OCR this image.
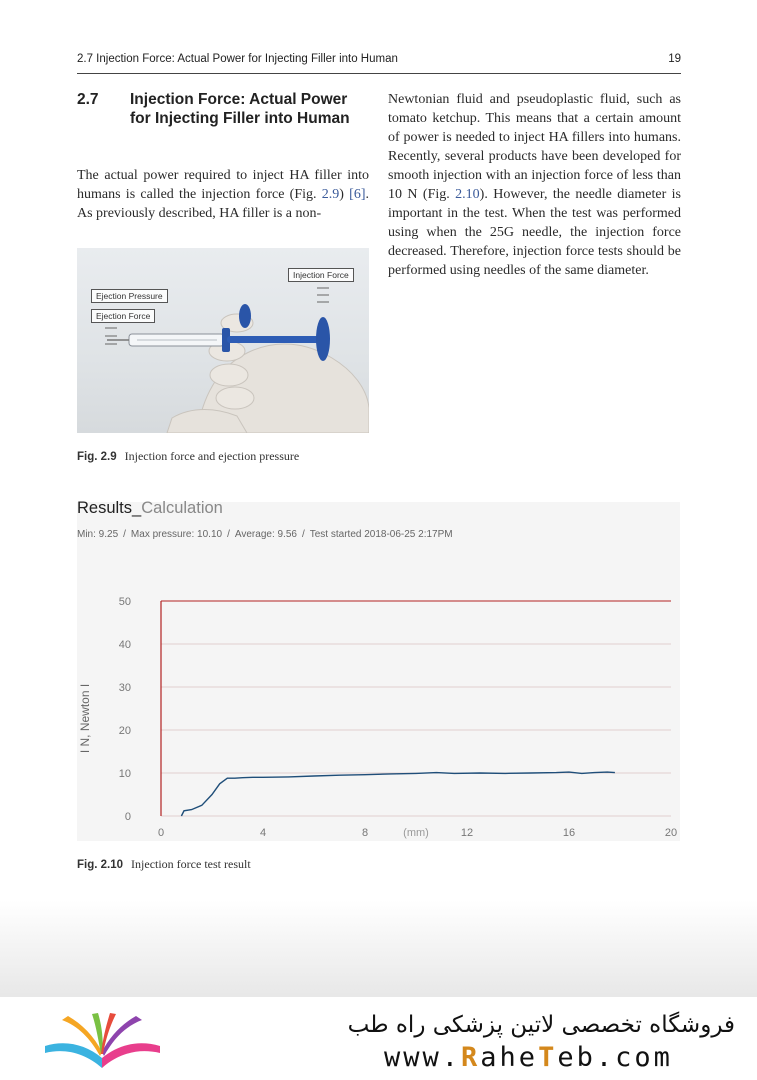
2.7 Injection Force: Actual Power for Injecting Filler into Human	19
2.7 Injection Force: Actual Power for Injecting Filler into Human
The actual power required to inject HA filler into humans is called the injection force (Fig. 2.9) [6]. As previously described, HA filler is a non-
Newtonian fluid and pseudoplastic fluid, such as tomato ketchup. This means that a certain amount of power is needed to inject HA fillers into humans. Recently, several products have been developed for smooth injection with an injection force of less than 10 N (Fig. 2.10). However, the needle diameter is important in the test. When the test was performed using when the 25G needle, the injection force decreased. Therefore, injection force tests should be performed using needles of the same diameter.
Injection Force
Ejection Pressure
Ejection Force
Fig. 2.9 Injection force and ejection pressure
Results_Calculation
Min: 9.25 / Max pressure: 10.10 / Average: 9.56 / Test started 2018-06-25 2:17PM
0
10
20
30
40
50
0	4	8	12	16	20
(mm)
I N, Newton I
Fig. 2.10 Injection force test result
فروشگاه تخصصی لاتین پزشکی راه طب
www.RaheTeb.com
